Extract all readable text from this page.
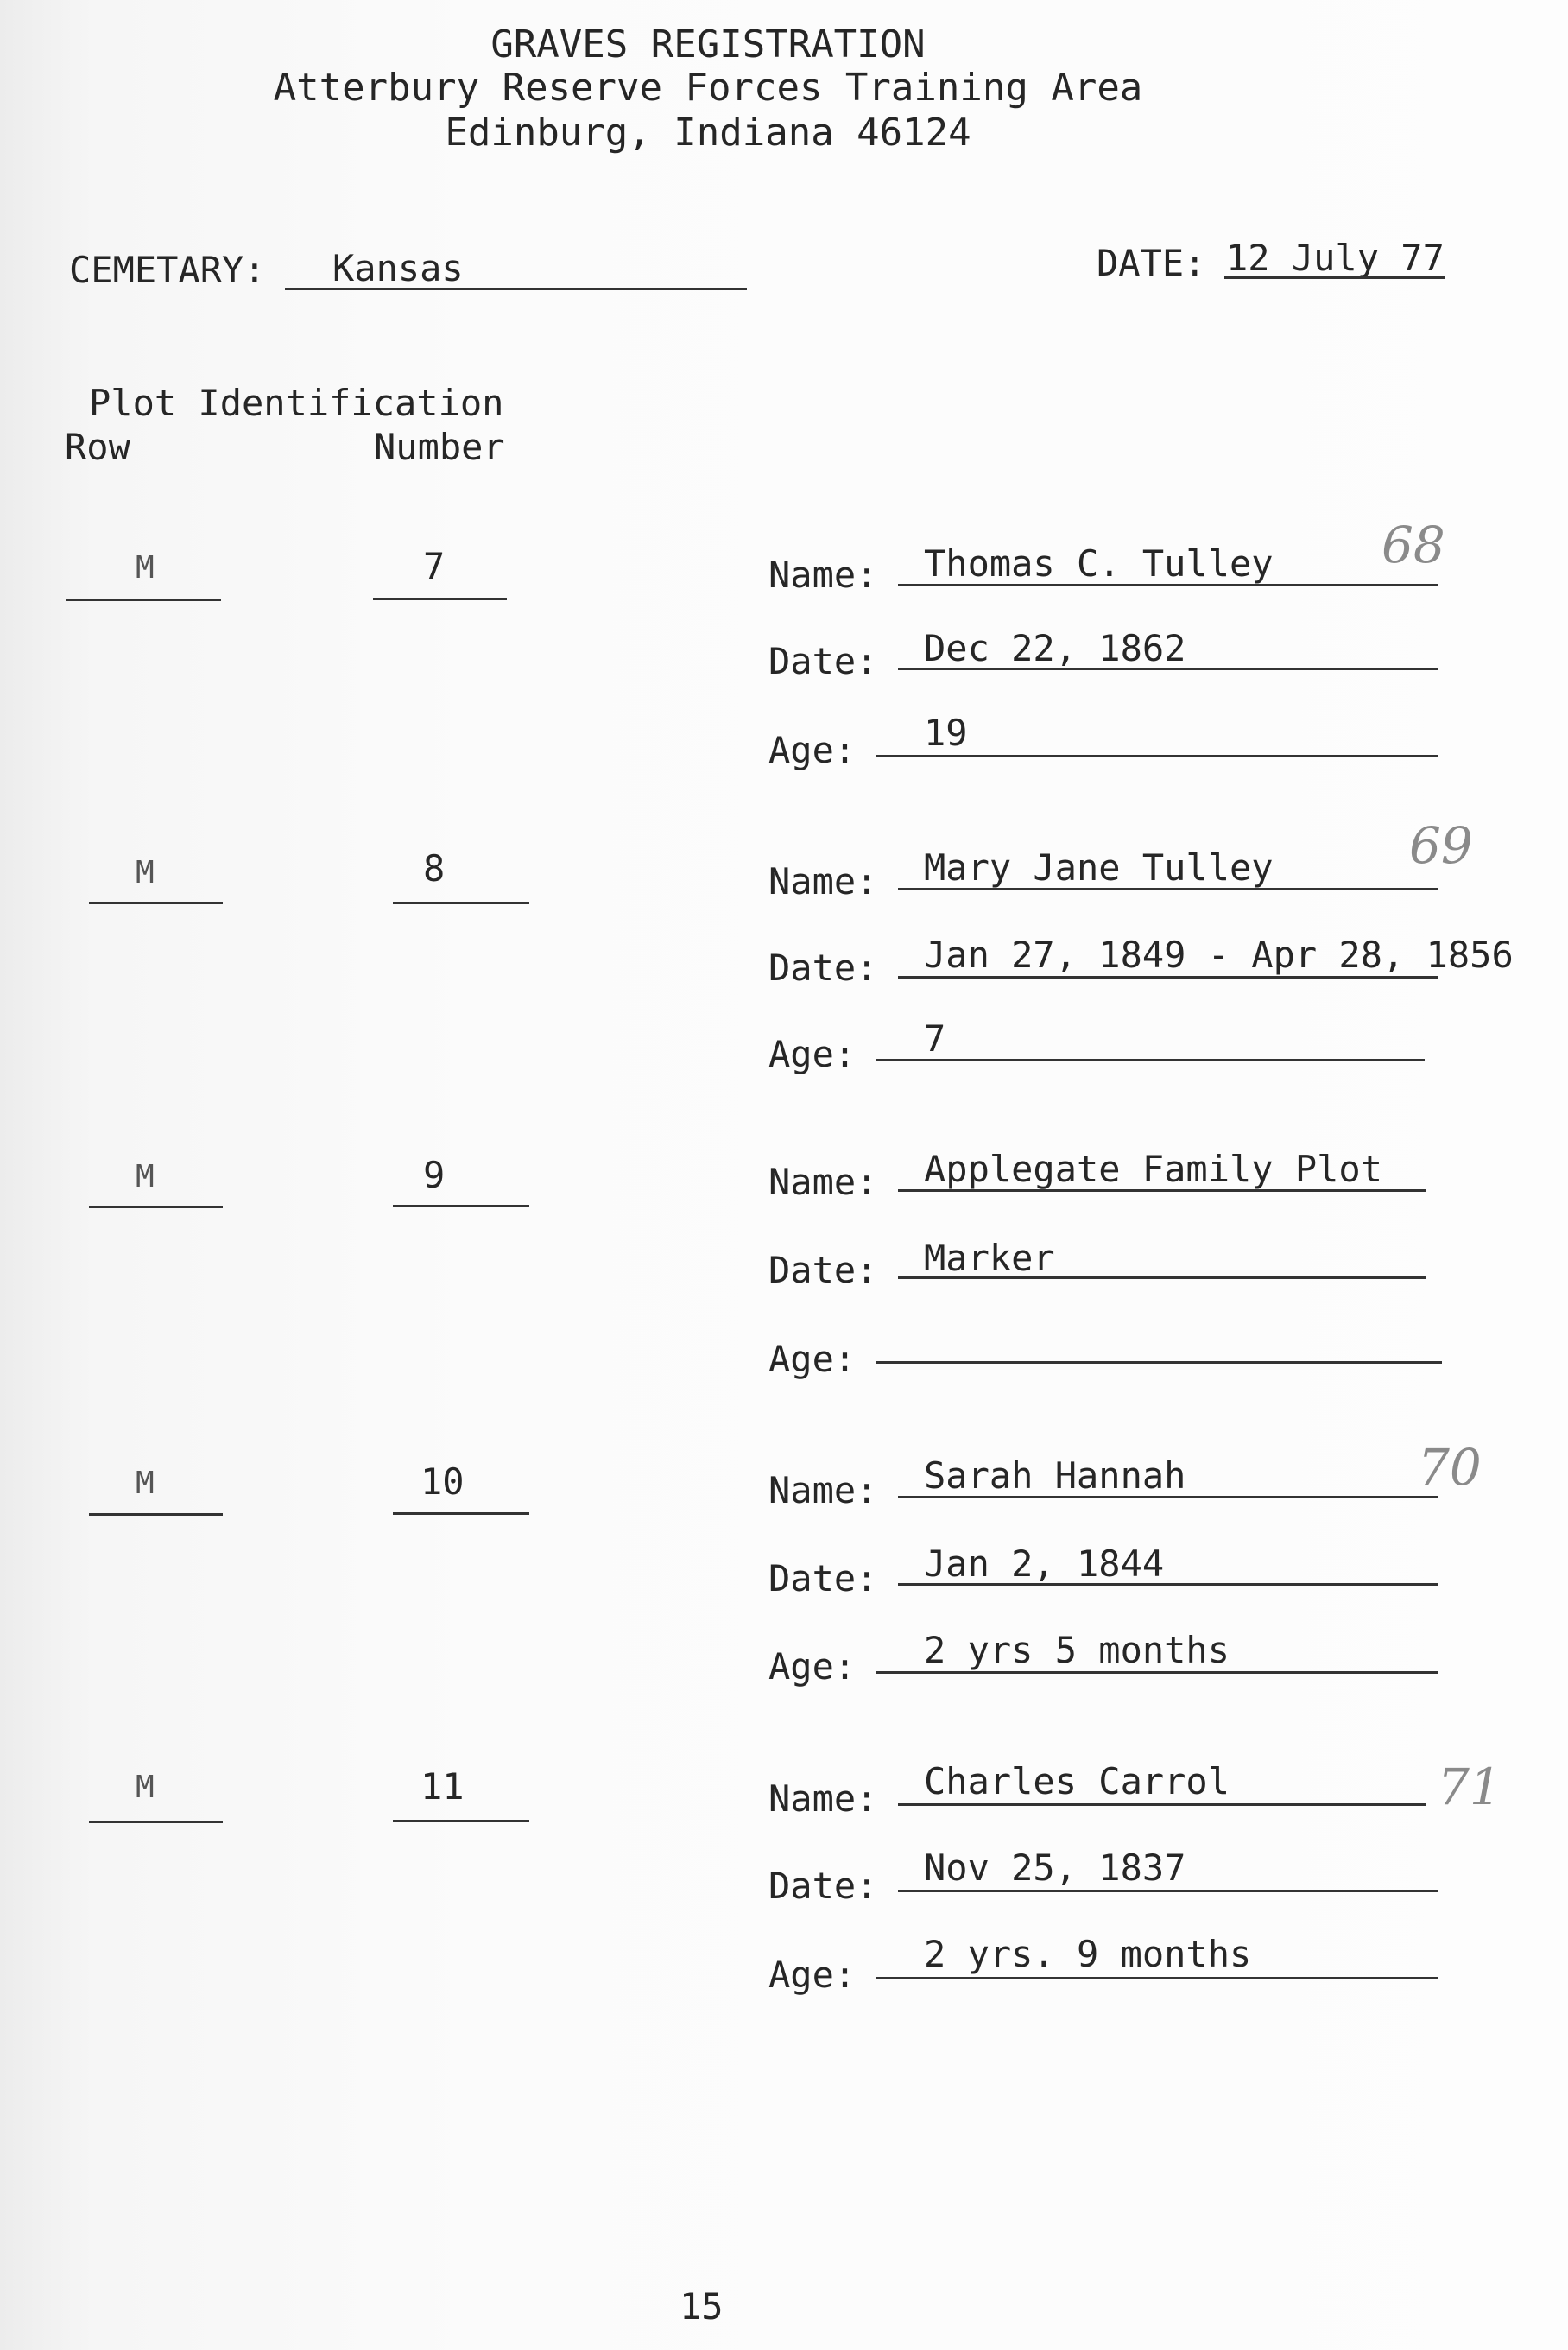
GRAVES REGISTRATION
Atterbury Reserve Forces Training Area
Edinburg, Indiana 46124
CEMETARY: Kansas	DATE: 12 July 77
Plot Identification
Row	Number
M	7	Name: Thomas C. Tulley 68
Date: Dec 22, 1862
Age: 19
M	8	Name: Mary Jane Tulley	69
Date: Jan 27, 1849 - Apr 28, 1856
Age: 7
M	9	Name: Applegate Family Plot
Date: Marker
Age:
M	10	Name: Sarah Hannah	70
Date: Jan 2, 1844
Age: 2 yrs 5 months
M	11	Name: Charles Carrol	71
Date: Nov 25, 1837
Age: 2 yrs. 9 months
15
